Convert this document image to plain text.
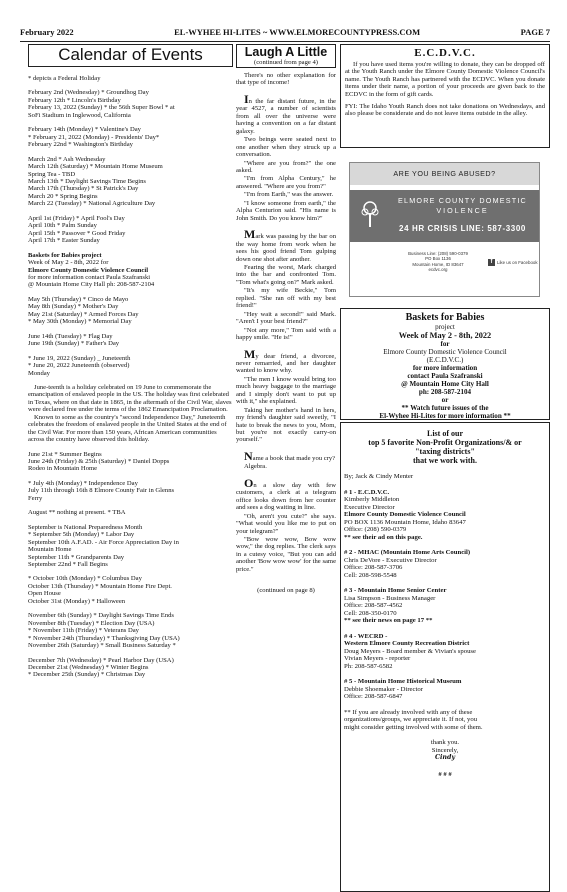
February 2022	EL-WYHEE HI-LITES ~ WWW.ELMORECOUNTYPRESS.COM	PAGE 7
Calendar of Events

* depicts a Federal Holiday

February 2nd (Wednesday) * Groundhog Day
February 12th * Lincoln's Birthday
February 13, 2022 (Sunday) * the 56th Super Bowl * at
SoFi Stadium in Inglewood, California

February 14th (Monday) * Valentine's Day
* February 21, 2022 (Monday) - Presidents' Day*
February 22nd * Washington's Birthday

March 2nd * Ash Wednesday
March 12th (Saturday) * Mountain Home Museum
Spring Tea - TBD
March 13th * Daylight Savings Time Begins
March 17th (Thursday) * St Patrick's Day
March 20 * Spring Begins
March 22 (Tuesday) * National Agriculture Day

April 1st (Friday) * April Fool's Day
April 10th * Palm Sunday
April 15th * Passover * Good Friday
April 17th * Easter Sunday

Baskets for Babies project
Week of May 2 - 8th, 2022 for
Elmore County Domestic Violence Council
for more information contact Paula Szafranski
@ Mountain Home City Hall ph: 208-587-2104

May 5th (Thursday) * Cinco de Mayo
May 8th (Sunday) * Mother's Day
May 21st (Saturday) * Armed Forces Day
* May 30th (Monday) * Memorial Day

June 14th (Tuesday) * Flag Day
June 19th (Sunday) * Father's Day

* June 19, 2022 (Sunday) _ Juneteenth
* June 20, 2022 Juneteenth (observed)
Monday

June-teenth is a holiday celebrated on 19 June to commemorate the emancipation of enslaved people in the US. The holiday was first celebrated in Texas, where on that date in 1865, in the aftermath of the Civil War, slaves were declared free under the terms of the 1862 Emancipation Proclamation.

Known to some as the country's "second Independence Day," Juneteenth celebrates the freedom of enslaved people in the United States at the end of the Civil War. For more than 150 years, African American communities across the country have observed this holiday.

June 21st * Summer Begins
June 24th (Friday) & 25th (Saturday) * Daniel Dopps
Rodeo in Mountain Home

* July 4th (Monday) * Independence Day
July 11th through 16th 8 Elmore County Fair in Glenns
Ferry

August ** nothing at present. * TBA

September is National Preparedness Month
* September 5th (Monday) * Labor Day
September 10th A.F.AD. - Air Force Appreciation Day in
Mountain Home
September 11th * Grandparents Day
September 22nd * Fall Begins

* October 10th (Monday) * Columbus Day
October 13th (Thursday) * Mountain Home Fire Dept.
Open House
October 31st (Monday) * Halloween

November 6th (Sunday) * Daylight Savings Time Ends
November 8th (Tuesday) * Election Day (USA)
* November 11th (Friday) * Veterans Day
* November 24th (Thursday) * Thanksgiving Day (USA)
November 26th (Saturday) * Small Business Saturday *

December 7th (Wednesday) * Pearl Harbor Day (USA)
December 21st (Wednesday) * Winter Begins
* December 25th (Sunday) * Christmas Day

Laugh A Little
(continued from page 4)

There's no other explanation for that type of income!

In the far distant future, in the year 4527, a number of scientists from all over the universe were having a convention on a far distant galaxy.

Two beings were seated next to one another when they struck up a conversation.

"Where are you from?" the one asked.

"I'm from Alpha Century," he answered. "Where are you from?"

"I'm from Earth," was the answer.

"I know someone from earth," the Alpha Centurion said. "His name is John Smith. Do you know him?"

Mark was passing by the bar on the way home from work when he sees his good friend Tom gulping down one shot after another.

Fearing the worst, Mark charged into the bar and confronted Tom. "Tom what's going on?" Mark asked.

"It's my wife Beckie," Tom replied. "She ran off with my best friend!"

"Hey wait a second!" said Mark. "Aren't I your best friend?"

"Not any more," Tom said with a happy smile. "He is!"

My dear friend, a divorcee, never remarried, and her daughter wanted to know why.

"The men I know would bring too much heavy baggage to the marriage and I simply don't want to put up with it," she explained.

Taking her mother's hand in hers, my friend's daughter said sweetly, "I hate to break the news to you, Mom, but you're not exactly carry-on yourself."

Name a book that made you cry?

Algebra.

On a slow day with few customers, a clerk at a telegram office looks down from her counter and sees a dog waiting in line.

"Oh, aren't you cute?" she says. "What would you like me to put on your telegram?"

"Bow wow wow, Bow wow wow," the dog replies. The clerk says in a cutesy voice, "But you can add another 'Bow wow wow' for the same price."

(continued on page 8)

E.C.D.V.C.

If you have used items you're willing to donate, they can be dropped off at the Youth Ranch under the Elmore County Domestic Violence Council's name. The Youth Ranch has partnered with the ECDVC. When you donate items under their name, a portion of your proceeds are given back to the ECDVC in the form of gift cards.

FYI: The Idaho Youth Ranch does not take donations on Wednesdays, and also please be considerate and do not leave items outside in the alley.

ARE YOU BEING ABUSED?
ELMORE COUNTY DOMESTIC
VIOLENCE
24 HR CRISIS LINE: 587-3300
Business Line: (208) 590-0379
PO Box 1136
Mountain Home, ID 83647
ecdvc.org
f	Like us on Facebook
Baskets for Babies
project
Week of May 2 - 8th, 2022
for
Elmore County Domestic Violence Council
(E.C.D.V.C.)
for more information
contact Paula Szafranski
@ Mountain Home City Hall
ph: 208-587-2104
or
** Watch future issues of the
El-Wyhee Hi-Lites for more information **
List of our
top 5 favorite Non-Profit Organizations/& or
"taxing districts"
that we work with.
By; Jack & Cindy Menter
# 1 - E.C.D.V.C.
Kimberly Middleton
Executive Director
Elmore County Domestic Violence Council
PO BOX 1136 Mountain Home, Idaho 83647
Office: (208) 590-0379
** see their ad on this page.
# 2 - MHAC (Mountain Home Arts Council)
Chris DeVore - Executive Director
Office: 208-587-3706
Cell: 208-598-5548
# 3 - Mountain Home Senior Center
Lisa Simpson - Business Manager
Office: 208-587-4562
Cell: 208-350-0170
** see their news on page 17 **
# 4 - WECRD -
Western Elmore County Recreation District
Doug Meyers - Board member & Vivian's spouse
Vivian Meyers - reporter
Ph: 208-587-6582
# 5 - Mountain Home Historical Museum
Debbie Shoemaker - Director
Office: 208-587-6847
** If you are already involved with any of these
organizations/groups, we appreciate it. If not, you
might consider getting involved with some of them.
thank you.
Sincerely,
Cindy
# # #
